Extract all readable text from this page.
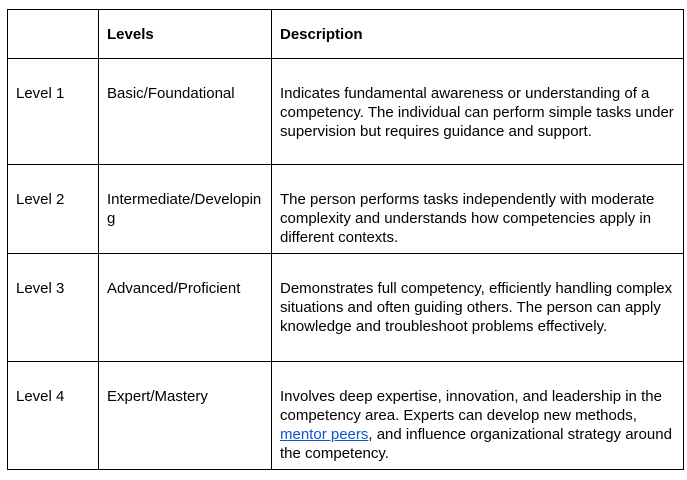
	Levels	Description
Level 1	Basic/Foundational	Indicates fundamental awareness or understanding of a competency. The individual can perform simple tasks under supervision but requires guidance and support.
Level 2	Intermediate/Developing	The person performs tasks independently with moderate complexity and understands how competencies apply in different contexts.
Level 3	Advanced/Proficient	Demonstrates full competency, efficiently handling complex situations and often guiding others. The person can apply knowledge and troubleshoot problems effectively.
Level 4	Expert/Mastery	Involves deep expertise, innovation, and leadership in the competency area. Experts can develop new methods, mentor peers, and influence organizational strategy around the competency.
